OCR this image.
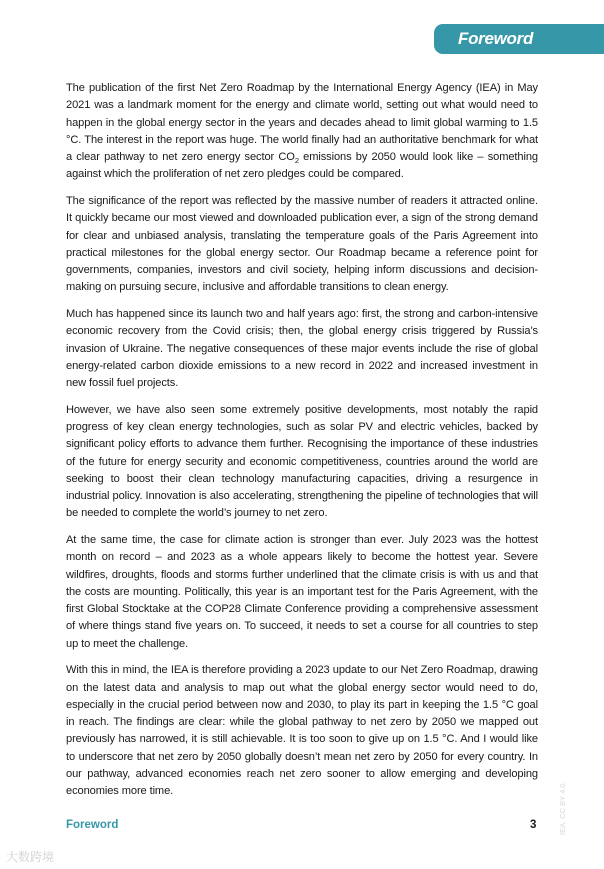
Foreword

The publication of the first Net Zero Roadmap by the International Energy Agency (IEA) in May 2021 was a landmark moment for the energy and climate world, setting out what would need to happen in the global energy sector in the years and decades ahead to limit global warming to 1.5 °C. The interest in the report was huge. The world finally had an authoritative benchmark for what a clear pathway to net zero energy sector $CO_2$ emissions by 2050 would look like – something against which the proliferation of net zero pledges could be compared.

The significance of the report was reflected by the massive number of readers it attracted online. It quickly became our most viewed and downloaded publication ever, a sign of the strong demand for clear and unbiased analysis, translating the temperature goals of the Paris Agreement into practical milestones for the global energy sector. Our Roadmap became a reference point for governments, companies, investors and civil society, helping inform discussions and decision-making on pursuing secure, inclusive and affordable transitions to clean energy.

Much has happened since its launch two and half years ago: first, the strong and carbon-intensive economic recovery from the Covid crisis; then, the global energy crisis triggered by Russia’s invasion of Ukraine. The negative consequences of these major events include the rise of global energy-related carbon dioxide emissions to a new record in 2022 and increased investment in new fossil fuel projects.

However, we have also seen some extremely positive developments, most notably the rapid progress of key clean energy technologies, such as solar PV and electric vehicles, backed by significant policy efforts to advance them further. Recognising the importance of these industries of the future for energy security and economic competitiveness, countries around the world are seeking to boost their clean technology manufacturing capacities, driving a resurgence in industrial policy. Innovation is also accelerating, strengthening the pipeline of technologies that will be needed to complete the world’s journey to net zero.

At the same time, the case for climate action is stronger than ever. July 2023 was the hottest month on record – and 2023 as a whole appears likely to become the hottest year. Severe wildfires, droughts, floods and storms further underlined that the climate crisis is with us and that the costs are mounting. Politically, this year is an important test for the Paris Agreement, with the first Global Stocktake at the COP28 Climate Conference providing a comprehensive assessment of where things stand five years on. To succeed, it needs to set a course for all countries to step up to meet the challenge.

With this in mind, the IEA is therefore providing a 2023 update to our Net Zero Roadmap, drawing on the latest data and analysis to map out what the global energy sector would need to do, especially in the crucial period between now and 2030, to play its part in keeping the 1.5 °C goal in reach. The findings are clear: while the global pathway to net zero by 2050 we mapped out previously has narrowed, it is still achievable. It is too soon to give up on 1.5 °C. And I would like to underscore that net zero by 2050 globally doesn’t mean net zero by 2050 for every country. In our pathway, advanced economies reach net zero sooner to allow emerging and developing economies more time.

Foreword	3	IEA. CC BY 4.0.
大数跨境
